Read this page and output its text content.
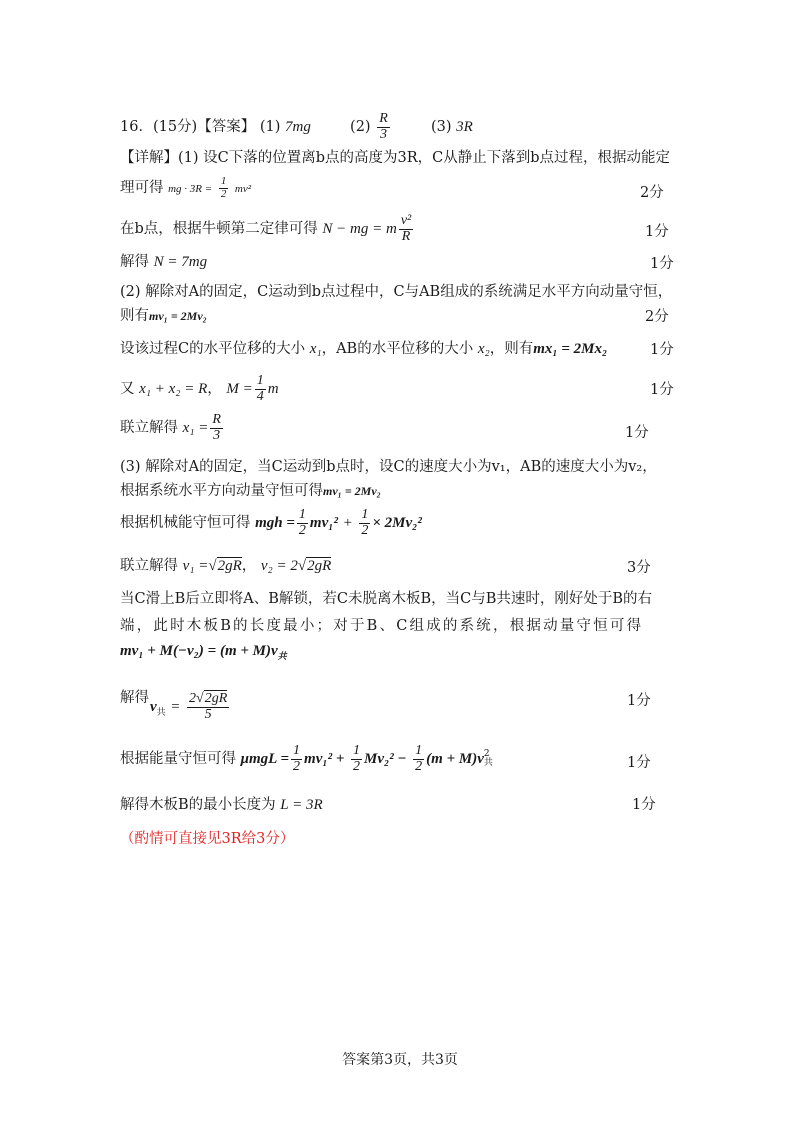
16．(15分)【答案】 (1) 7mg	$(2) \frac{R}{3}$	(3) 3R
【详解】(1) 设C下落的位置离b点的高度为3R，C从静止下落到b点过程，根据动能定
理可得 mg · $3R = \frac{1}{2} mv^2$	2分
在b点，根据牛顿第二定律可得 N − mg = m $\frac{\text{v²}}{R}$	1分
解得 N = 7mg	1分
(2) 解除对A的固定，C运动到b点过程中，C与AB组成的系统满足水平方向动量守恒，
则有mv₁ = 2Mv₂	2分
设该过程C的水平位移的大小 x₁，AB的水平位移的大小 x₂，则有mx₁ = 2Mx₂	1分
又 x₁ + x₂ = R， $M = \frac{1}{4}$ m	1分
联立解得 $x_1 = \frac{R}{3}$	1分
(3) 解除对A的固定，当C运动到b点时，设C的速度大小为v₁，AB的速度大小为v₂，
根据系统水平方向动量守恒可得mv₁ = 2Mv₂
根据机械能守恒可得 mgh = $\frac{1}{2} mv_1^2 + \frac{1}{2} \times 2Mv_2^2$
联立解得 v₁ =√2gR， v₂ = 2√2gR	3分
当C滑上B后立即将A、B解锁，若C未脱离木板B，当C与B共速时，刚好处于B的右
端，此时木板B的长度最小；对于B、C组成的系统，根据动量守恒可得
$mv_1 + M(-v_2) = (m + M)v_共$
解得
$v_共 = \frac{2√2gR}{5}$	1分
根据能量守恒可得 $\mu mgL = \frac{1}{2} mv_1^2 + \frac{1}{2} Mv_2^2 - \frac{1}{2} (m + M)v$ 2
共	1分
解得木板B的最小长度为 L = 3R	1分
（酌情可直接见3R给3分）
答案第3页，共3页
